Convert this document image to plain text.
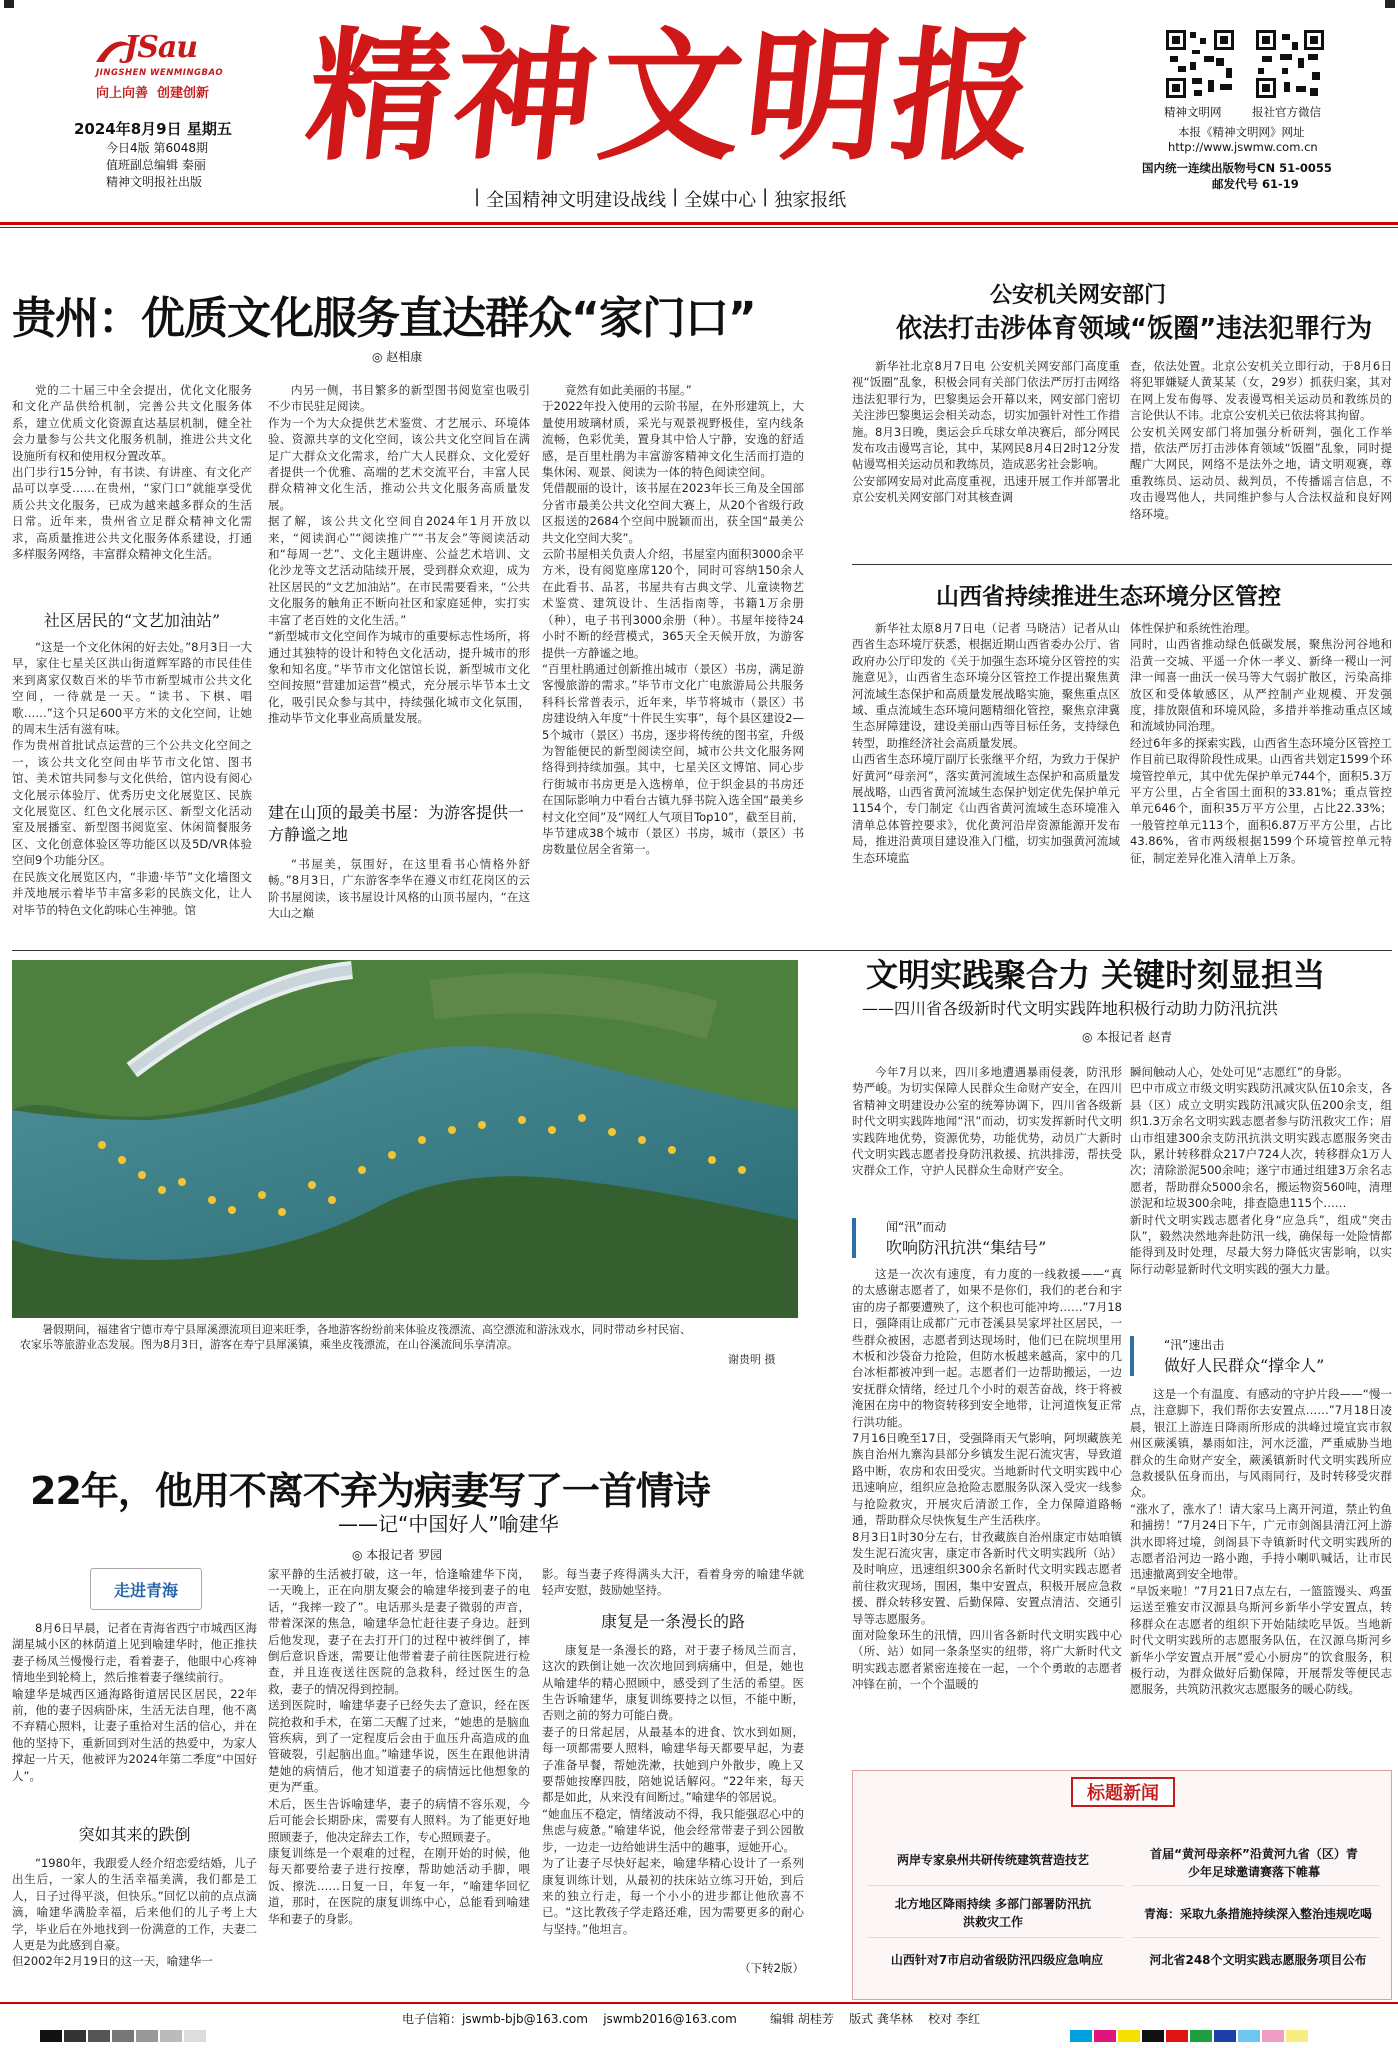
JSau
JINGSHEN WENMINGBAO
向上向善  创建创新 精神文明报
2024年8月9日 星期五
今日4版 第6048期
值班副总编辑 秦丽
精神文明报社出版
精神文明网	报社官方微信
本报《精神文明网》网址
http://www.jswmw.com.cn
国内统一连续出版物号CN 51-0055
邮发代号 61-19
| 全国精神文明建设战线 | 全媒中心 | 独家报纸
贵州：优质文化服务直达群众“家门口”
◎ 赵相康
党的二十届三中全会提出，优化文化服务和文化产品供给机制，完善公共文化服务体系，建立优质文化资源直达基层机制，健全社会力量参与公共文化服务机制，推进公共文化设施所有权和使用权分置改革。
出门步行15分钟，有书读、有讲座、有文化产品可以享受……在贵州，“家门口”就能享受优质公共文化服务，已成为越来越多群众的生活日常。近年来，贵州省立足群众精神文化需求，高质量推进公共文化服务体系建设，打通多样服务网络，丰富群众精神文化生活。
社区居民的“文艺加油站”
“这是一个文化休闲的好去处。”8月3日一大早，家住七星关区洪山街道辉军路的市民佳佳来到离家仅数百米的毕节市新型城市公共文化空间，一待就是一天。“读书、下棋、唱歌……”这个只足600平方米的文化空间，让她的周末生活有滋有味。
作为贵州首批试点运营的三个公共文化空间之一，该公共文化空间由毕节市文化馆、图书馆、美术馆共同参与文化供给，馆内设有阅心文化展示体验厅、优秀历史文化展览区、民族文化展览区、红色文化展示区、新型文化活动室及展播室、新型图书阅览室、休闲简餐服务区、文化创意体验区等功能区以及5D/VR体验空间9个功能分区。
在民族文化展览区内，“非遗·毕节”文化墙图文并茂地展示着毕节丰富多彩的民族文化，让人对毕节的特色文化韵味心生神驰。馆
内另一侧，书目繁多的新型图书阅览室也吸引不少市民驻足阅读。
作为一个为大众提供艺术鉴赏、才艺展示、环境体验、资源共享的文化空间，该公共文化空间旨在满足广大群众文化需求，给广大人民群众、文化爱好者提供一个优雅、高端的艺术交流平台，丰富人民群众精神文化生活，推动公共文化服务高质量发展。
据了解，该公共文化空间自2024年1月开放以来，“阅读润心”“阅读推广”“书友会”等阅读活动和“每周一艺”、文化主题讲座、公益艺术培训、文化沙龙等文艺活动陆续开展，受到群众欢迎，成为社区居民的“文艺加油站”。在市民需要看来，“公共文化服务的触角正不断向社区和家庭延伸，实打实丰富了老百姓的文化生活。”
“新型城市文化空间作为城市的重要标志性场所，将通过其独特的设计和特色文化活动，提升城市的形象和知名度。”毕节市文化馆馆长说，新型城市文化空间按照“营建加运营”模式，充分展示毕节本土文化，吸引民众参与其中，持续强化城市文化氛围，推动毕节文化事业高质量发展。
建在山顶的最美书屋：为游客提供一方静谧之地
“书屋美，氛围好，在这里看书心情格外舒畅。”8月3日，广东游客李华在遵义市红花岗区的云阶书屋阅读，该书屋设计风格的山顶书屋内，“在这大山之巅
竟然有如此美丽的书屋。”
于2022年投入使用的云阶书屋，在外形建筑上，大量使用玻璃材质，采光与观景视野极佳，室内线条流畅，色彩优美，置身其中恰人宁静，安逸的舒适感，是百里杜鹃为丰富游客精神文化生活而打造的集休闲、观景、阅读为一体的特色阅读空间。
凭借靓丽的设计，该书屋在2023年长三角及全国部分省市最美公共文化空间大赛上，从20个省级行政区报送的2684个空间中脱颖而出，获全国“最美公共文化空间大奖”。
云阶书屋相关负责人介绍，书屋室内面积3000余平方米，设有阅览座席120个，同时可容纳150余人在此看书、品茗，书屋共有古典文学、儿童读物艺术鉴赏、建筑设计、生活指南等，书籍1万余册（种），电子书刊3000余册（种）。书屋年接待24小时不断的经营模式，365天全天候开放，为游客提供一方静谧之地。
“百里杜鹃通过创新推出城市（景区）书房，满足游客慢旅游的需求。”毕节市文化广电旅游局公共服务科科长常普表示，近年来，毕节将城市（景区）书房建设纳入年度“十件民生实事”，每个县区建设2—5个城市（景区）书房，逐步将传统的图书室，升级为智能便民的新型阅读空间，城市公共文化服务网络得到持续加强。其中，七星关区文博馆、同心步行街城市书房更是入选榜单，位于织金县的书房还在国际影响力中看台古镇九驿书院入选全国“最美乡村文化空间”及“网红人气项目Top10”，截至目前，毕节建成38个城市（景区）书房，城市（景区）书房数量位居全省第一。
公安机关网安部门
依法打击涉体育领域“饭圈”违法犯罪行为
新华社北京8月7日电 公安机关网安部门高度重视“饭圈”乱象，积极会同有关部门依法严厉打击网络违法犯罪行为，巴黎奥运会开幕以来，网安部门密切关注涉巴黎奥运会相关动态，切实加强针对性工作措施。8月3日晚，奥运会乒乓球女单决赛后，部分网民发布攻击谩骂言论，其中，某网民8月4日2时12分发帖谩骂相关运动员和教练员，造成恶劣社会影响。
公安部网安局对此高度重视，迅速开展工作并部署北京公安机关网安部门对其核查调
查，依法处置。北京公安机关立即行动，于8月6日将犯罪嫌疑人黄某某（女，29岁）抓获归案，其对在网上发布侮辱、发表谩骂相关运动员和教练员的言论供认不讳。北京公安机关已依法将其拘留。
公安机关网安部门将加强分析研判，强化工作举措，依法严厉打击涉体育领域“饭圈”乱象，同时提醒广大网民，网络不是法外之地，请文明观赛，尊重教练员、运动员、裁判员，不传播谣言信息，不攻击谩骂他人，共同维护参与人合法权益和良好网络环境。
山西省持续推进生态环境分区管控
新华社太原8月7日电（记者 马晓洁）记者从山西省生态环境厅获悉，根据近期山西省委办公厅、省政府办公厅印发的《关于加强生态环境分区管控的实施意见》，山西省生态环境分区管控工作提出聚焦黄河流域生态保护和高质量发展战略实施，聚焦重点区域、重点流域生态环境问题精细化管控，聚焦京津冀生态屏障建设，建设美丽山西等目标任务，支持绿色转型，助推经济社会高质量发展。
山西省生态环境厅副厅长张继平介绍，为致力于保护好黄河“母亲河”，落实黄河流域生态保护和高质量发展战略，山西省黄河流域生态保护划定优先保护单元1154个，专门制定《山西省黄河流域生态环境准入清单总体管控要求》，优化黄河沿岸资源能源开发布局，推进沿黄项目建设准入门槛，切实加强黄河流域生态环境监
体性保护和系统性治理。
同时，山西省推动绿色低碳发展，聚焦汾河谷地和沿黄一交城、平遥一介休一孝义、新绛一稷山一河津一闻喜一曲沃一侯马等大气弱扩散区，污染高排放区和受体敏感区，从严控制产业规模、开发强度，排放限值和环境风险，多措并举推动重点区域和流域协同治理。
经过6年多的探索实践，山西省生态环境分区管控工作目前已取得阶段性成果。山西省共划定1599个环境管控单元，其中优先保护单元744个，面积5.3万平方公里，占全省国土面积的33.81%；重点管控单元646个，面积35万平方公里，占比22.33%；一般管控单元113个，面积6.87万平方公里，占比43.86%，省市两级根据1599个环境管控单元特征，制定差异化准入清单上万条。
暑假期间，福建省宁德市寿宁县犀溪漂流项目迎来旺季，各地游客纷纷前来体验皮筏漂流、高空漂流和游泳戏水，同时带动乡村民宿、农家乐等旅游业态发展。图为8月3日，游客在寿宁县犀溪镇，乘坐皮筏漂流，在山谷溪流间乐享清凉。
谢贵明 摄
文明实践聚合力 关键时刻显担当
——四川省各级新时代文明实践阵地积极行动助力防汛抗洪
◎ 本报记者 赵青
今年7月以来，四川多地遭遇暴雨侵袭，防汛形势严峻。为切实保障人民群众生命财产安全，在四川省精神文明建设办公室的统筹协调下，四川省各级新时代文明实践阵地闻“汛”而动，切实发挥新时代文明实践阵地优势，资源优势，功能优势，动员广大新时代文明实践志愿者投身防汛救援、抗洪排涝，帮扶受灾群众工作，守护人民群众生命财产安全。
闻“汛”而动
吹响防汛抗洪“集结号”
这是一次次有速度，有力度的一线救援——“真的太感谢志愿者了，如果不是你们，我们的老台和宇宙的房子都要遭殃了，这个积也可能冲垮……”7月18日，强降雨让成都广元市苍溪县吴家坪社区居民，一些群众被困，志愿者到达现场时，他们已在院坝里用木板和沙袋奋力抢险，但防水板越来越高，家中的几台冰柜都被冲到一起。志愿者们一边帮助搬运，一边安抚群众情绪，经过几个小时的艰苦奋战，终于将被淹困在房中的物资转移到安全地带，让河道恢复正常行洪功能。
7月16日晚至17日，受强降雨天气影响，阿坝藏族羌族自治州九寨沟县部分乡镇发生泥石流灾害，导致道路中断，农房和农田受灾。当地新时代文明实践中心迅速响应，组织应急抢险志愿服务队深入受灾一线参与抢险救灾，开展灾后清淤工作，全力保障道路畅通，帮助群众尽快恢复生产生活秩序。
8月3日1时30分左右，甘孜藏族自治州康定市姑咱镇发生泥石流灾害，康定市各新时代文明实践所（站）及时响应，迅速组织300余名新时代文明实践志愿者前往救灾现场，围困，集中安置点，积极开展应急救援、群众转移安置、后勤保障、安置点清洁、交通引导等志愿服务。
面对险象环生的汛情，四川省各新时代文明实践中心（所、站）如同一条条坚实的纽带，将广大新时代文明实践志愿者紧密连接在一起，一个个勇敢的志愿者冲锋在前，一个个温暖的
瞬间触动人心，处处可见“志愿红”的身影。
巴中市成立市级文明实践防汛减灾队伍10余支，各县（区）成立文明实践防汛减灾队伍200余支，组织1.3万余名文明实践志愿者参与防汛救灾工作；眉山市组建300余支防汛抗洪文明实践志愿服务突击队，累计转移群众217户724人次，转移群众1万人次；清除淤泥500余吨；遂宁市通过组建3万余名志愿者，帮助群众5000余名，搬运物资560吨，清理淤泥和垃圾300余吨，排查隐患115个……
新时代文明实践志愿者化身“应急兵”，组成“突击队”，毅然决然地奔赴防汛一线，确保每一处险情都能得到及时处理，尽最大努力降低灾害影响，以实际行动彰显新时代文明实践的强大力量。
“汛”速出击
做好人民群众“撑伞人”
这是一个有温度、有感动的守护片段——“慢一点，注意脚下，我们帮你去安置点……”7月18日凌晨，银江上游连日降雨所形成的洪峰过境宜宾市叙州区蕨溪镇，暴雨如注，河水泛滥，严重威胁当地群众的生命财产安全，蕨溪镇新时代文明实践所应急救援队伍身而出，与风雨同行，及时转移受灾群众。
“涨水了，涨水了！请大家马上离开河道，禁止钓鱼和捕捞！”7月24日下午，广元市剑阁县清江河上游洪水即将过境，剑阁县下寺镇新时代文明实践所的志愿者沿河边一路小跑，手持小喇叭喊话，让市民迅速撤离到安全地带。
“早饭来啦！”7月21日7点左右，一篮篮馒头、鸡蛋运送至雅安市汉源县乌斯河乡新华小学安置点，转移群众在志愿者的组织下开始陆续吃早饭。当地新时代文明实践所的志愿服务队伍，在汉源乌斯河乡新华小学安置点开展“爱心小厨房”的饮食服务，积极行动，为群众做好后勤保障，开展帮发等便民志愿服务，共筑防汛救灾志愿服务的暖心防线。
22年，他用不离不弃为病妻写了一首情诗
——记“中国好人”喻建华
◎ 本报记者 罗园
走进青海
8月6日早晨，记者在青海省西宁市城西区海湖星城小区的林荫道上见到喻建华时，他正推扶妻子杨凤兰慢慢行走，看着妻子，他眼中心疼神情地坐到轮椅上，然后推着妻子继续前行。
喻建华是城西区通海路街道居民区居民，22年前，他的妻子因病卧床，生活无法自理，他不离不弃精心照料，让妻子重拾对生活的信心，并在他的坚持下，重新回到对生活的热爱中，为家人撑起一片天，他被评为2024年第二季度“中国好人”。
突如其来的跌倒
“1980年，我跟爱人经介绍恋爱结婚，儿子出生后，一家人的生活幸福美满，我们都是工人，日子过得平淡，但快乐。”回忆以前的点点滴滴，喻建华满脸幸福，后来他们的儿子考上大学，毕业后在外地找到一份满意的工作，夫妻二人更是为此感到自豪。
但2002年2月19日的这一天，喻建华一
家平静的生活被打破，这一年，恰逢喻建华下岗，一天晚上，正在向朋友聚会的喻建华接到妻子的电话，“我摔一跤了”。电话那头是妻子微弱的声音，带着深深的焦急，喻建华急忙赶往妻子身边。赶到后他发现，妻子在去打开门的过程中被绊倒了，摔倒后意识昏迷，需要让他带着妻子前往医院进行检查，并且连夜送往医院的急救科，经过医生的急救，妻子的情况得到控制。
送到医院时，喻建华妻子已经失去了意识，经在医院抢救和手术，在第二天醒了过来，“她患的是脑血管疾病，到了一定程度后会由于血压升高造成的血管破裂，引起脑出血。”喻建华说，医生在跟他讲清楚她的病情后，他才知道妻子的病情远比他想象的更为严重。
术后，医生告诉喻建华，妻子的病情不容乐观，今后可能会长期卧床，需要有人照料。为了能更好地照顾妻子，他决定辞去工作，专心照顾妻子。
康复训练是一个艰难的过程，在刚开始的时候，他每天都要给妻子进行按摩，帮助她活动手脚，喂饭、擦洗……日复一日，年复一年，“喻建华回忆道，那时，在医院的康复训练中心，总能看到喻建华和妻子的身影。
影。每当妻子疼得满头大汗，看着身旁的喻建华就轻声安慰，鼓励她坚持。
康复是一条漫长的路
康复是一条漫长的路，对于妻子杨凤兰而言，这次的跌倒让她一次次地回到病痛中，但是，她也从喻建华的精心照顾中，感受到了生活的希望。医生告诉喻建华，康复训练要持之以恒，不能中断，否则之前的努力可能白费。
妻子的日常起居，从最基本的进食、饮水到如厕，每一项都需要人照料，喻建华每天都要早起，为妻子准备早餐，帮她洗漱，扶她到户外散步，晚上又要帮她按摩四肢，陪她说话解闷。“22年来，每天都是如此，从来没有间断过。”喻建华的邻居说。
“她血压不稳定，情绪波动不得，我只能强忍心中的焦虑与疲惫。”喻建华说，他会经常带妻子到公园散步，一边走一边给她讲生活中的趣事，逗她开心。
为了让妻子尽快好起来，喻建华精心设计了一系列康复训练计划，从最初的扶床站立练习开始，到后来的独立行走，每一个小小的进步都让他欣喜不已。“这比教孩子学走路还难，因为需要更多的耐心与坚持。”他坦言。
（下转2版）
标题新闻
两岸专家泉州共研传统建筑营造技艺	首届“黄河母亲杯”沿黄河九省（区）青少年足球邀请赛落下帷幕
北方地区降雨持续 多部门部署防汛抗洪救灾工作
青海：采取九条措施持续深入整治违规吃喝
山西针对7市启动省级防汛四级应急响应	河北省248个文明实践志愿服务项目公布
电子信箱：jswmb-bjb@163.com    jswmb2016@163.com	编辑 胡桂芳    版式 龚华林    校对 李红
